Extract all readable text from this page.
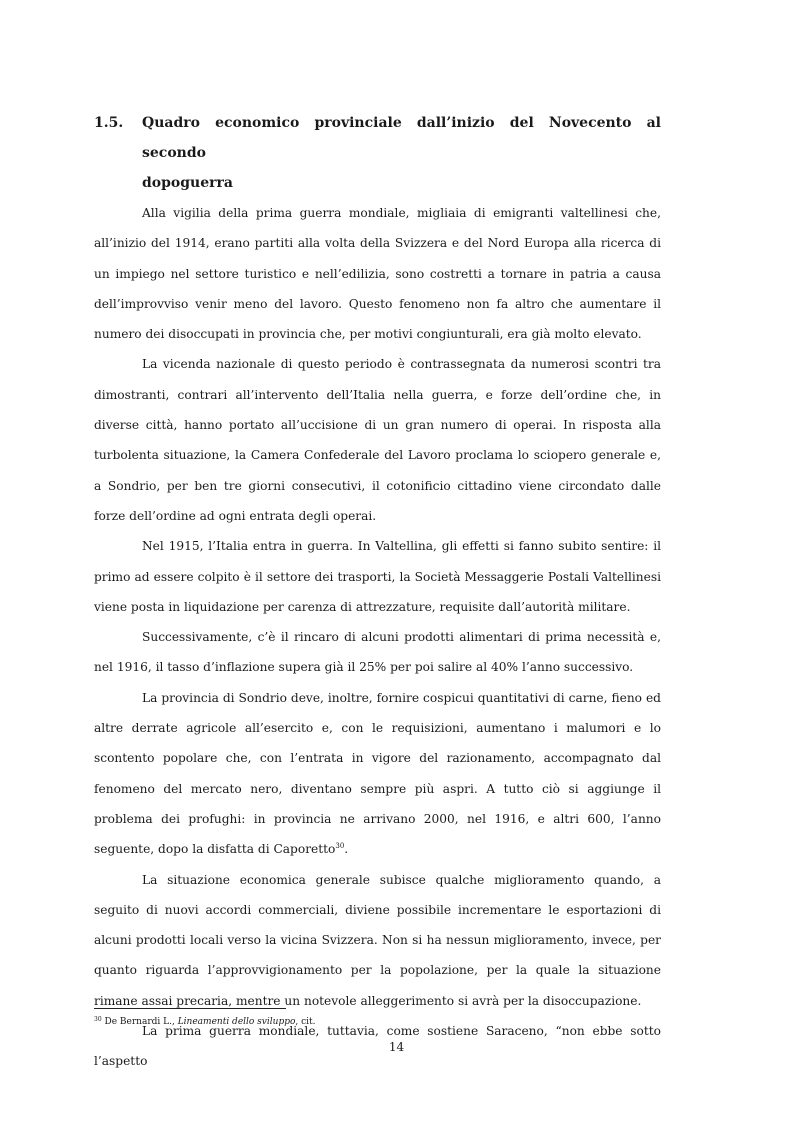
1.5.	Quadro economico provinciale dall’inizio del Novecento al secondo
dopoguerra

Alla vigilia della prima guerra mondiale, migliaia di emigranti valtellinesi che, all’inizio del 1914, erano partiti alla volta della Svizzera e del Nord Europa alla ricerca di un impiego nel settore turistico e nell’edilizia, sono costretti a tornare in patria a causa dell’improvviso venir meno del lavoro. Questo fenomeno non fa altro che aumentare il numero dei disoccupati in provincia che, per motivi congiunturali, era già molto elevato.

La vicenda nazionale di questo periodo è contrassegnata da numerosi scontri tra dimostranti, contrari all’intervento dell’Italia nella guerra, e forze dell’ordine che, in diverse città, hanno portato all’uccisione di un gran numero di operai. In risposta alla turbolenta situazione, la Camera Confederale del Lavoro proclama lo sciopero generale e, a Sondrio, per ben tre giorni consecutivi, il cotonificio cittadino viene circondato dalle forze dell’ordine ad ogni entrata degli operai.

Nel 1915, l’Italia entra in guerra. In Valtellina, gli effetti si fanno subito sentire: il primo ad essere colpito è il settore dei trasporti, la Società Messaggerie Postali Valtellinesi viene posta in liquidazione per carenza di attrezzature, requisite dall’autorità militare.

Successivamente, c’è il rincaro di alcuni prodotti alimentari di prima necessità e, nel 1916, il tasso d’inflazione supera già il 25% per poi salire al 40% l’anno successivo.

La provincia di Sondrio deve, inoltre, fornire cospicui quantitativi di carne, fieno ed altre derrate agricole all’esercito e, con le requisizioni, aumentano i malumori e lo scontento popolare che, con l’entrata in vigore del razionamento, accompagnato dal fenomeno del mercato nero, diventano sempre più aspri. A tutto ciò si aggiunge il problema dei profughi: in provincia ne arrivano 2000, nel 1916, e altri 600, l’anno seguente, dopo la disfatta di Caporetto$^{30}$.

La situazione economica generale subisce qualche miglioramento quando, a seguito di nuovi accordi commerciali, diviene possibile incrementare le esportazioni di alcuni prodotti locali verso la vicina Svizzera. Non si ha nessun miglioramento, invece, per quanto riguarda l’approvvigionamento per la popolazione, per la quale la situazione rimane assai precaria, mentre un notevole alleggerimento si avrà per la disoccupazione.

La prima guerra mondiale, tuttavia, come sostiene Saraceno, “non ebbe sotto l’aspetto

$^{30}$ De Bernardi L., Lineamenti dello sviluppo, cit.
14
